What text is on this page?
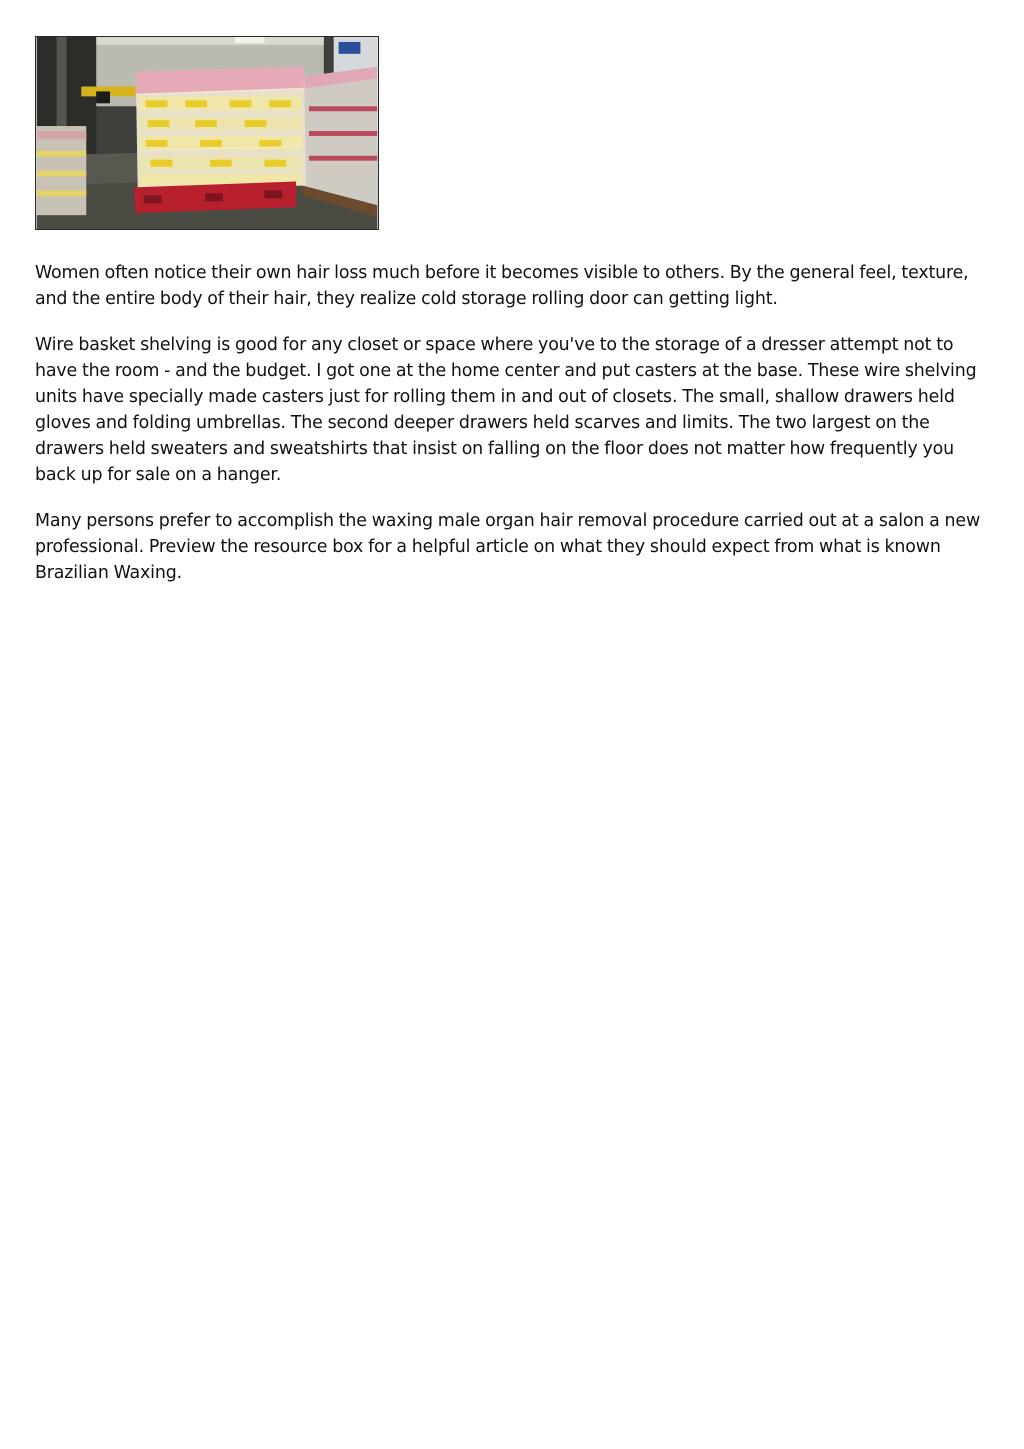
Women often notice their own hair loss much before it becomes visible to others. By the general feel, texture, and the entire body of their hair, they realize cold storage rolling door can getting light.

Wire basket shelving is good for any closet or space where you've to the storage of a dresser attempt not to have the room - and the budget. I got one at the home center and put casters at the base. These wire shelving units have specially made casters just for rolling them in and out of closets. The small, shallow drawers held gloves and folding umbrellas. The second deeper drawers held scarves and limits. The two largest on the drawers held sweaters and sweatshirts that insist on falling on the floor does not matter how frequently you back up for sale on a hanger.

Many persons prefer to accomplish the waxing male organ hair removal procedure carried out at a salon a new professional. Preview the resource box for a helpful article on what they should expect from what is known Brazilian Waxing.
